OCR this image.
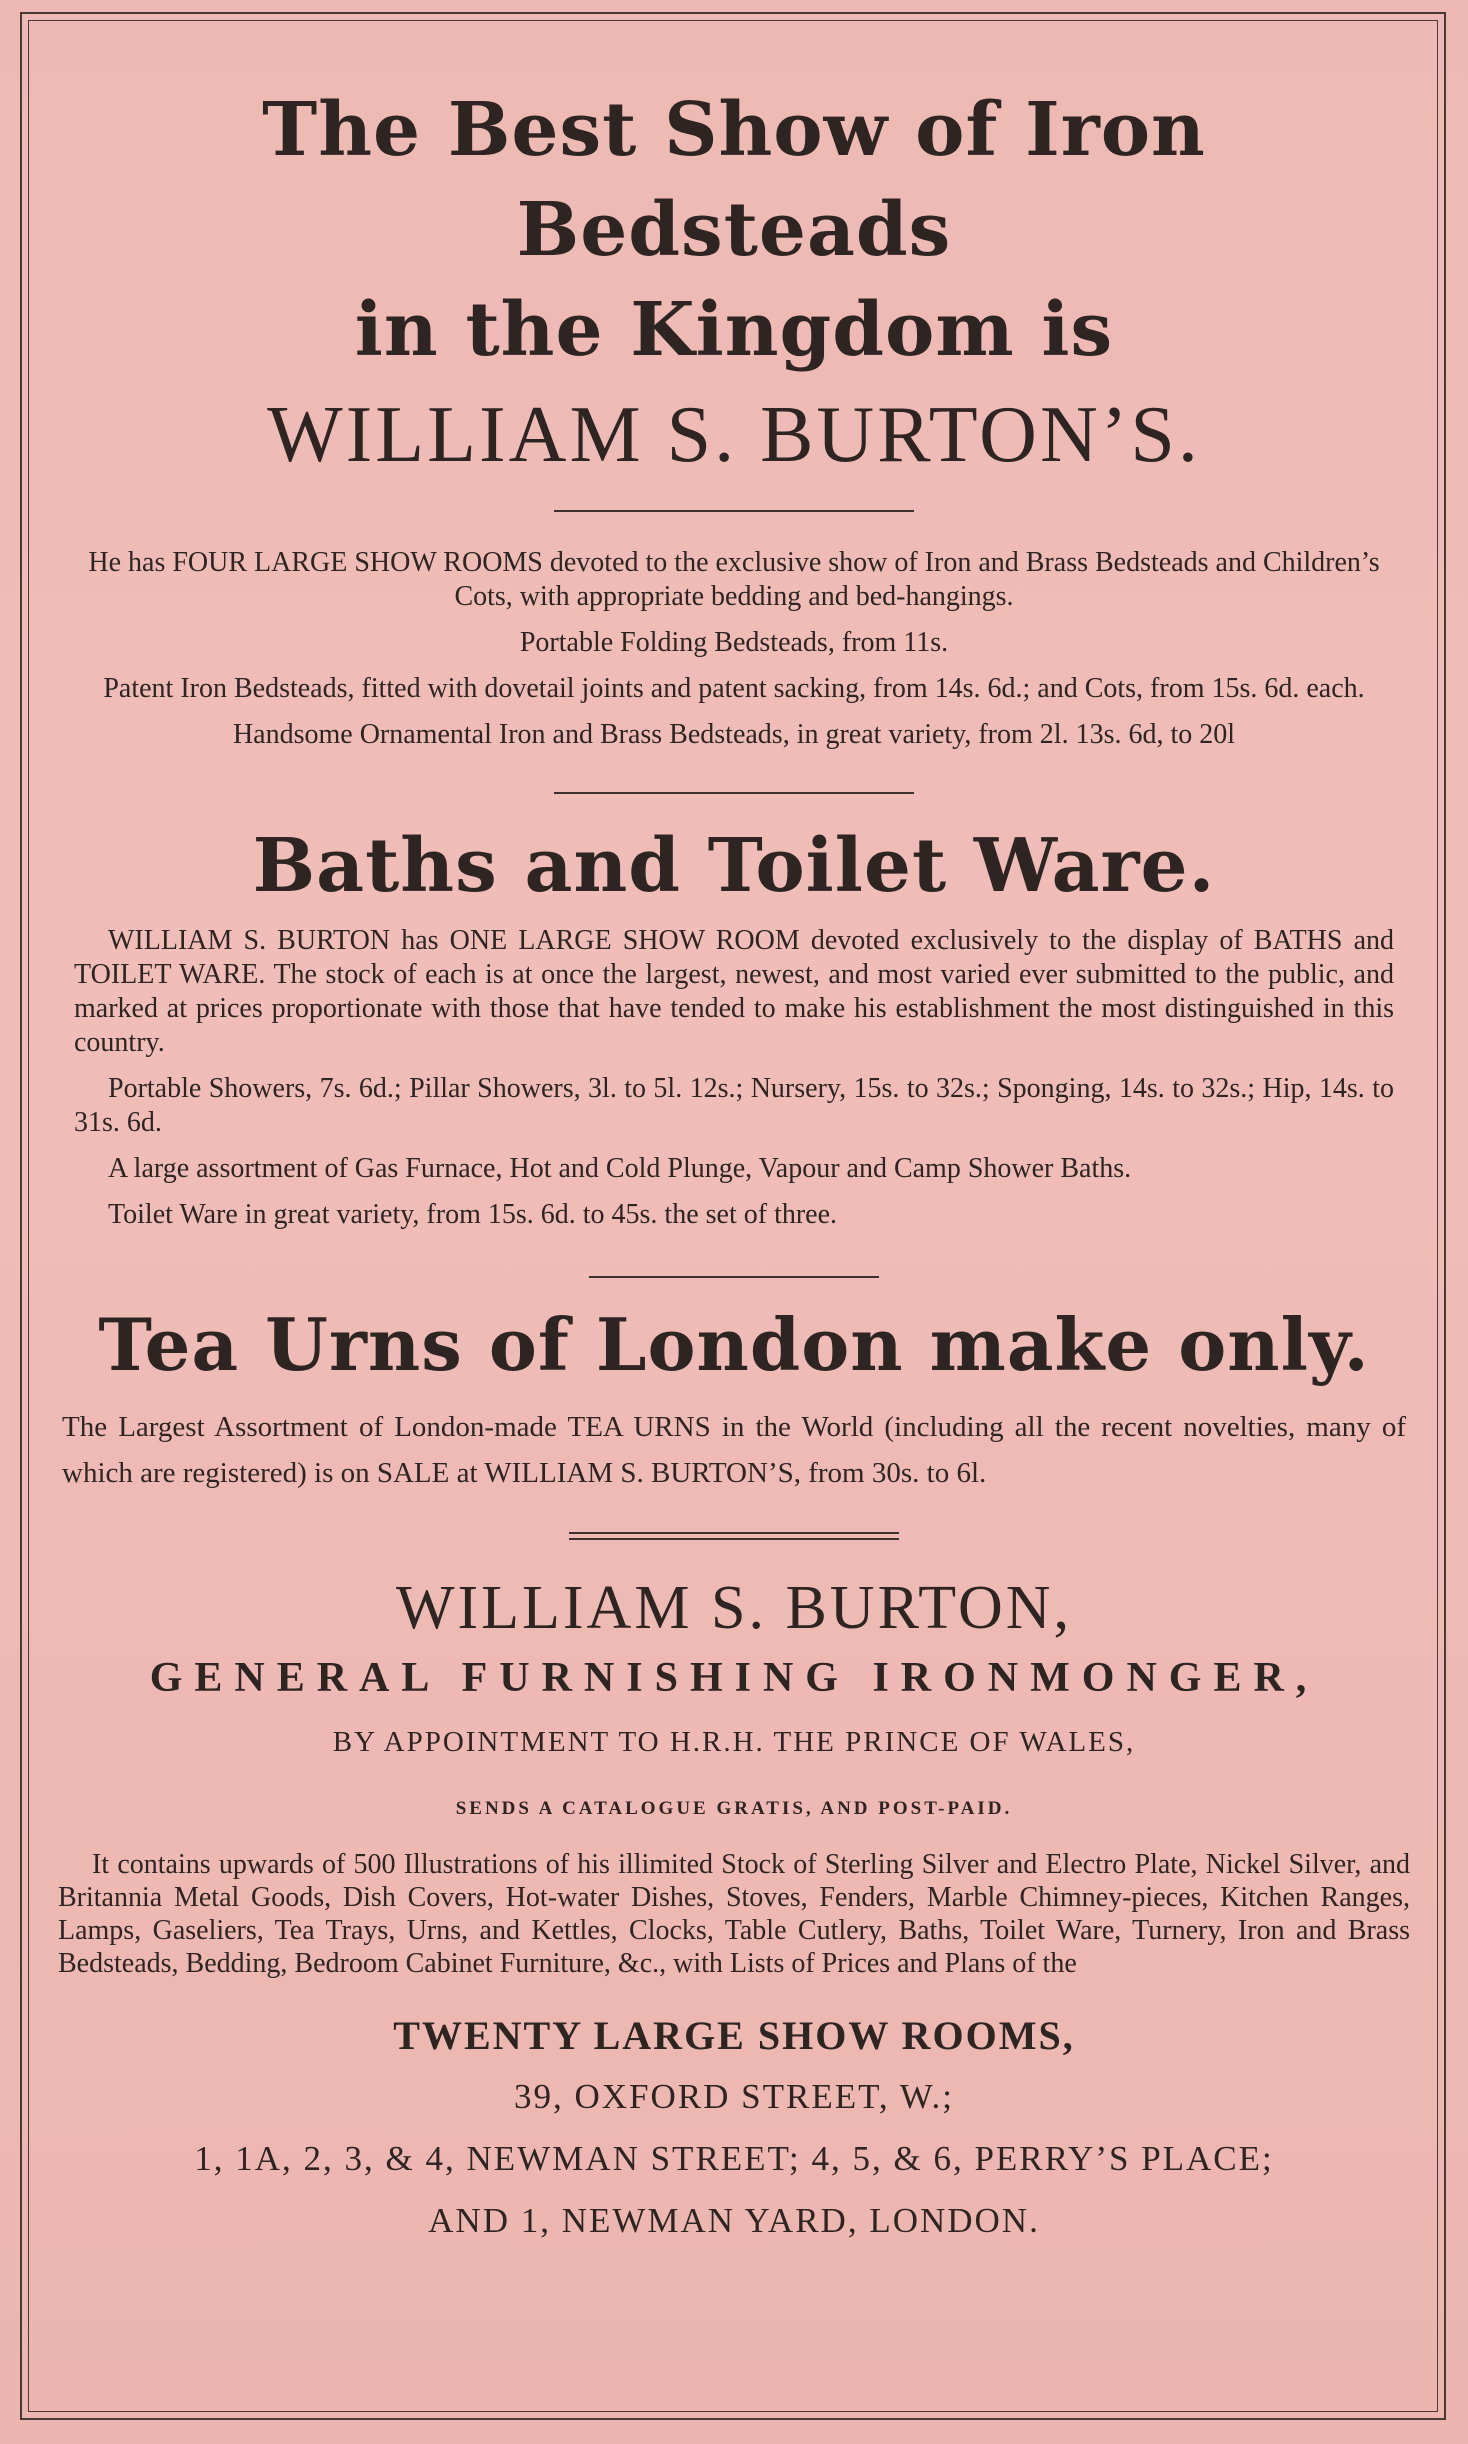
The Best Show of Iron Bedsteads
in the Kingdom is
WILLIAM S. BURTON’S.

He has FOUR LARGE SHOW ROOMS devoted to the exclusive show of Iron and Brass Bedsteads and Children’s Cots, with appropriate bedding and bed-hangings.

Portable Folding Bedsteads, from 11s.

Patent Iron Bedsteads, fitted with dovetail joints and patent sacking, from 14s. 6d.; and Cots, from 15s. 6d. each.

Handsome Ornamental Iron and Brass Bedsteads, in great variety, from 2l. 13s. 6d, to 20l

Baths and Toilet Ware.

WILLIAM S. BURTON has ONE LARGE SHOW ROOM devoted exclusively to the display of BATHS and TOILET WARE. The stock of each is at once the largest, newest, and most varied ever submitted to the public, and marked at prices proportionate with those that have tended to make his establishment the most distinguished in this country.

Portable Showers, 7s. 6d.; Pillar Showers, 3l. to 5l. 12s.; Nursery, 15s. to 32s.; Sponging, 14s. to 32s.; Hip, 14s. to 31s. 6d.

A large assortment of Gas Furnace, Hot and Cold Plunge, Vapour and Camp Shower Baths.

Toilet Ware in great variety, from 15s. 6d. to 45s. the set of three.

Tea Urns of London make only.

The Largest Assortment of London-made TEA URNS in the World (including all the recent novelties, many of which are registered) is on SALE at WILLIAM S. BURTON’S, from 30s. to 6l.

WILLIAM S. BURTON,
GENERAL FURNISHING IRONMONGER,

BY APPOINTMENT TO H.R.H. THE PRINCE OF WALES,

SENDS A CATALOGUE GRATIS, AND POST-PAID.

It contains upwards of 500 Illustrations of his illimited Stock of Sterling Silver and Electro Plate, Nickel Silver, and Britannia Metal Goods, Dish Covers, Hot-water Dishes, Stoves, Fenders, Marble Chimney-pieces, Kitchen Ranges, Lamps, Gaseliers, Tea Trays, Urns, and Kettles, Clocks, Table Cutlery, Baths, Toilet Ware, Turnery, Iron and Brass Bedsteads, Bedding, Bedroom Cabinet Furniture, &c., with Lists of Prices and Plans of the

TWENTY LARGE SHOW ROOMS,

39, OXFORD STREET, W.;

1, 1A, 2, 3, & 4, NEWMAN STREET; 4, 5, & 6, PERRY’S PLACE;

AND 1, NEWMAN YARD, LONDON.
